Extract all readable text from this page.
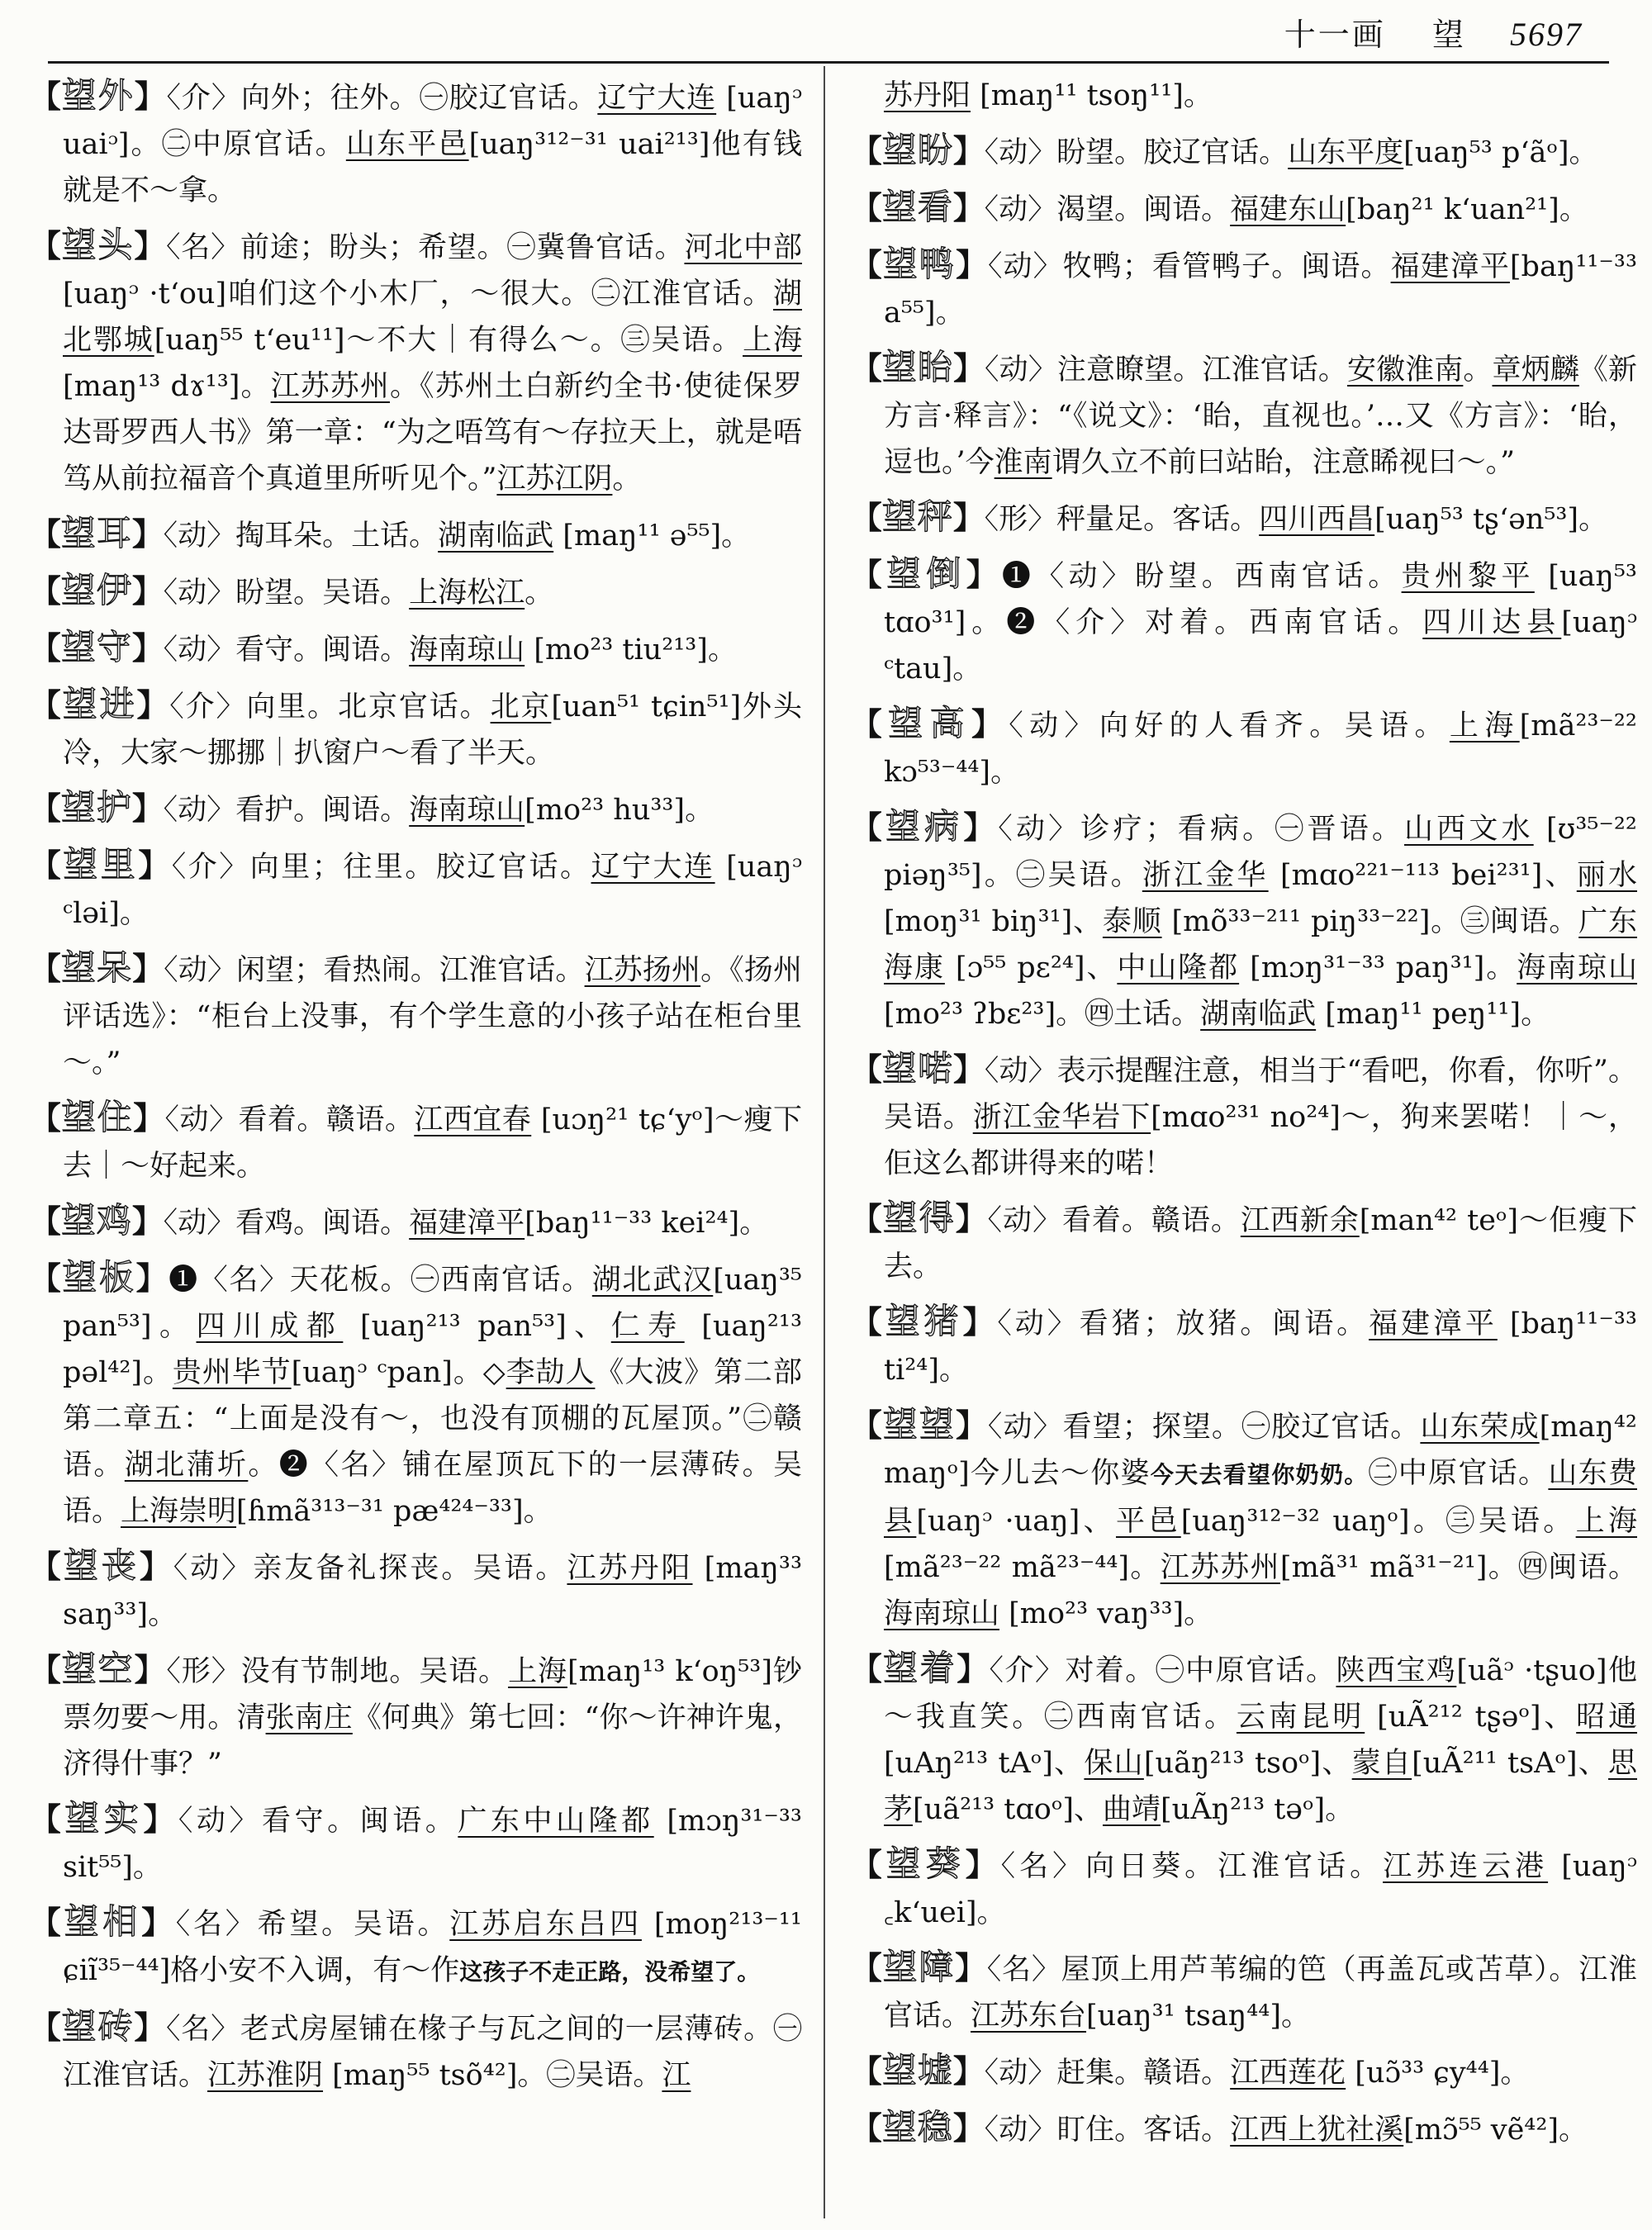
十一画 望 5697
【望外】〈介〉向外；往外。㊀胶辽官话。辽宁大连 [uaŋᵓ uaiᵓ]。㊁中原官话。山东平邑[uaŋ³¹²⁻³¹ uai²¹³]他有钱就是不～拿。
【望头】〈名〉前途；盼头；希望。㊀冀鲁官话。河北中部[uaŋᵓ ·tʻou]咱们这个小木厂，～很大。㊁江淮官话。湖北鄂城[uaŋ⁵⁵ tʻeu¹¹]～不大｜有得么～。㊂吴语。上海 [maŋ¹³ dɤ¹³]。江苏苏州。《苏州土白新约全书·使徒保罗达哥罗西人书》第一章：“为之唔笃有～存拉天上，就是唔笃从前拉福音个真道里所听见个。”江苏江阴。
【望耳】〈动〉掏耳朵。土话。湖南临武 [maŋ¹¹ ə⁵⁵]。
【望伊】〈动〉盼望。吴语。上海松江。
【望守】〈动〉看守。闽语。海南琼山 [mo²³ tiu²¹³]。
【望进】〈介〉向里。北京官话。北京[uan⁵¹ tɕin⁵¹]外头冷，大家～挪挪｜扒窗户～看了半天。
【望护】〈动〉看护。闽语。海南琼山[mo²³ hu³³]。
【望里】〈介〉向里；往里。胶辽官话。辽宁大连 [uaŋᵓ ᶜləi]。
【望呆】〈动〉闲望；看热闹。江淮官话。江苏扬州。《扬州评话选》：“柜台上没事，有个学生意的小孩子站在柜台里～。”
【望住】〈动〉看着。赣语。江西宜春 [uɔŋ²¹ tɕʻyᵒ]～瘦下去｜～好起来。
【望鸡】〈动〉看鸡。闽语。福建漳平[baŋ¹¹⁻³³ kei²⁴]。
【望板】❶〈名〉天花板。㊀西南官话。湖北武汉[uaŋ³⁵ pan⁵³]。四川成都 [uaŋ²¹³ pan⁵³]、仁寿 [uaŋ²¹³ pəl⁴²]。贵州毕节[uaŋᵓ ᶜpan]。◇李劼人《大波》第二部第二章五：“上面是没有～，也没有顶棚的瓦屋顶。”㊁赣语。湖北蒲圻。❷〈名〉铺在屋顶瓦下的一层薄砖。吴语。上海崇明[ɦmã³¹³⁻³¹ pæ⁴²⁴⁻³³]。
【望丧】〈动〉亲友备礼探丧。吴语。江苏丹阳 [maŋ³³ saŋ³³]。
【望空】〈形〉没有节制地。吴语。上海[maŋ¹³ kʻoŋ⁵³]钞票勿要～用。清张南庄《何典》第七回：“你～许神许鬼，济得什事？”
【望实】〈动〉看守。闽语。广东中山隆都 [mɔŋ³¹⁻³³ sit⁵⁵]。
【望相】〈名〉希望。吴语。江苏启东吕四 [moŋ²¹³⁻¹¹ ɕiĩ³⁵⁻⁴⁴]格小安不入调，有～作这孩子不走正路，没希望了。
【望砖】〈名〉老式房屋铺在椽子与瓦之间的一层薄砖。㊀江淮官话。江苏淮阴 [maŋ⁵⁵ tsõ⁴²]。㊁吴语。江
苏丹阳 [maŋ¹¹ tsoŋ¹¹]。
【望盼】〈动〉盼望。胶辽官话。山东平度[uaŋ⁵³ pʻãᵒ]。
【望看】〈动〉渴望。闽语。福建东山[baŋ²¹ kʻuan²¹]。
【望鸭】〈动〉牧鸭；看管鸭子。闽语。福建漳平[baŋ¹¹⁻³³ a⁵⁵]。
【望眙】〈动〉注意瞭望。江淮官话。安徽淮南。章炳麟《新方言·释言》：“《说文》：‘眙，直视也。’…又《方言》：‘眙，逗也。’今淮南谓久立不前曰站眙，注意睎视曰～。”
【望秤】〈形〉秤量足。客话。四川西昌[uaŋ⁵³ tʂʻən⁵³]。
【望倒】❶〈动〉盼望。西南官话。贵州黎平 [uaŋ⁵³ tɑo³¹]。❷〈介〉对着。西南官话。四川达县[uaŋᵓ ᶜtau]。
【望高】〈动〉向好的人看齐。吴语。上海[mã²³⁻²² kɔ⁵³⁻⁴⁴]。
【望病】〈动〉诊疗；看病。㊀晋语。山西文水 [ʊ³⁵⁻²² piəŋ³⁵]。㊁吴语。浙江金华 [mɑo²²¹⁻¹¹³ bei²³¹]、丽水 [moŋ³¹ biŋ³¹]、泰顺 [mõ³³⁻²¹¹ piŋ³³⁻²²]。㊂闽语。广东海康 [ɔ⁵⁵ pɛ²⁴]、中山隆都 [mɔŋ³¹⁻³³ paŋ³¹]。海南琼山[mo²³ ʔbɛ²³]。㊃土话。湖南临武 [maŋ¹¹ peŋ¹¹]。
【望喏】〈动〉表示提醒注意，相当于“看吧，你看，你听”。吴语。浙江金华岩下[mɑo²³¹ no²⁴]～，狗来罢喏！｜～，佢这么都讲得来的喏！
【望得】〈动〉看着。赣语。江西新余[man⁴² teᵒ]～佢瘦下去。
【望猪】〈动〉看猪；放猪。闽语。福建漳平 [baŋ¹¹⁻³³ ti²⁴]。
【望望】〈动〉看望；探望。㊀胶辽官话。山东荣成[maŋ⁴² maŋᵒ]今儿去～你婆今天去看望你奶奶。㊁中原官话。山东费县[uaŋᵓ ·uaŋ]、平邑[uaŋ³¹²⁻³² uaŋᵒ]。㊂吴语。上海 [mã²³⁻²² mã²³⁻⁴⁴]。江苏苏州[mã³¹ mã³¹⁻²¹]。㊃闽语。海南琼山 [mo²³ vaŋ³³]。
【望着】〈介〉对着。㊀中原官话。陕西宝鸡[uãᵓ ·tʂuo]他～我直笑。㊁西南官话。云南昆明 [uÃ²¹² tʂəᵒ]、昭通[uAŋ²¹³ tAᵒ]、保山[uãŋ²¹³ tsoᵒ]、蒙自[uÃ²¹¹ tsAᵒ]、思茅[uã²¹³ tɑoᵒ]、曲靖[uÃŋ²¹³ təᵒ]。
【望葵】〈名〉向日葵。江淮官话。江苏连云港 [uaŋᵓ ꜀kʻuei]。
【望障】〈名〉屋顶上用芦苇编的笆（再盖瓦或苫草）。江淮官话。江苏东台[uaŋ³¹ tsaŋ⁴⁴]。
【望墟】〈动〉赶集。赣语。江西莲花 [uɔ̃³³ ɕy⁴⁴]。
【望稳】〈动〉盯住。客话。江西上犹社溪[mɔ̃⁵⁵ vẽ⁴²]。
